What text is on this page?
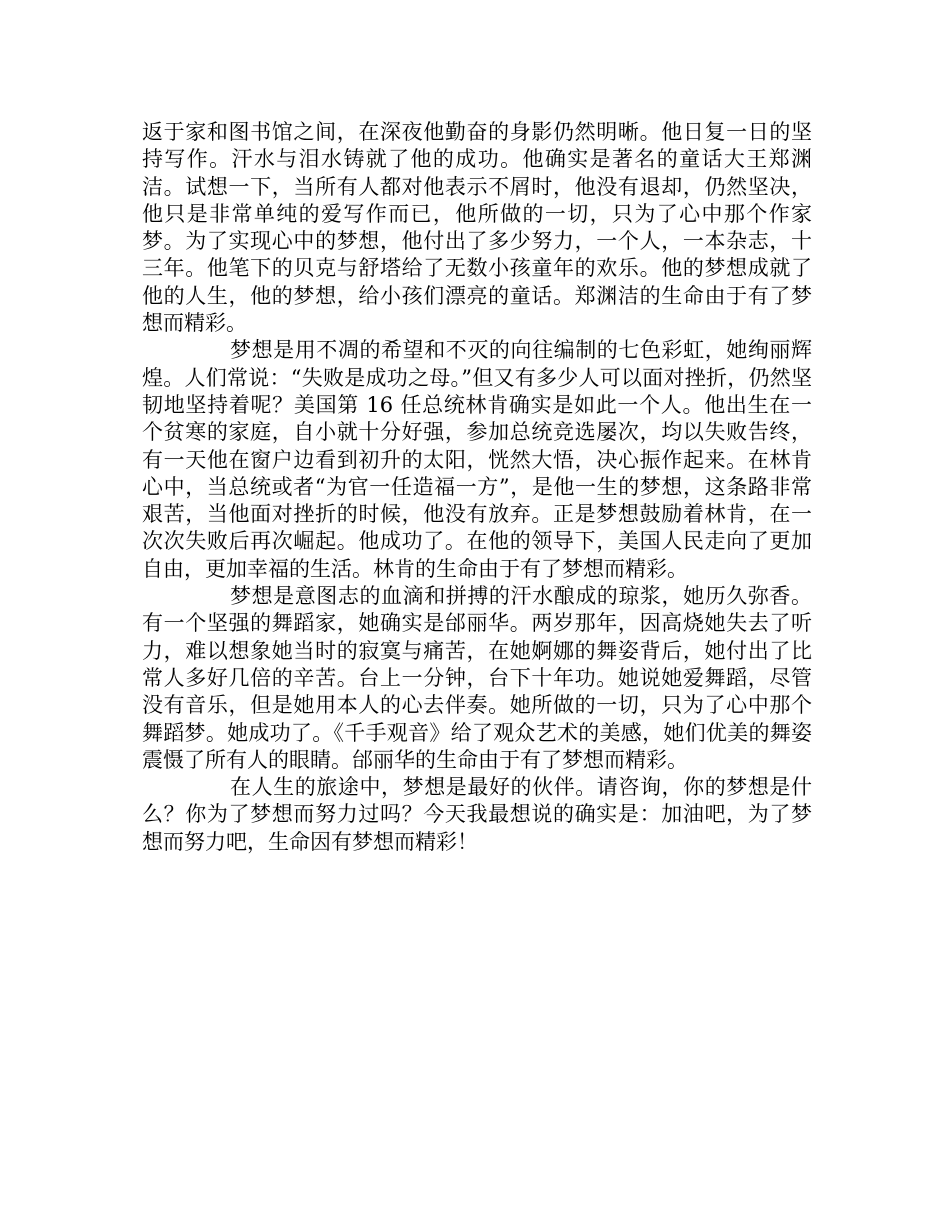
返于家和图书馆之间，在深夜他勤奋的身影仍然明晰。他日复一日的坚持写作。汗水与泪水铸就了他的成功。他确实是著名的童话大王郑渊洁。试想一下，当所有人都对他表示不屑时，他没有退却，仍然坚决，他只是非常单纯的爱写作而已，他所做的一切，只为了心中那个作家梦。为了实现心中的梦想，他付出了多少努力，一个人，一本杂志，十三年。他笔下的贝克与舒塔给了无数小孩童年的欢乐。他的梦想成就了他的人生，他的梦想，给小孩们漂亮的童话。郑渊洁的生命由于有了梦想而精彩。

梦想是用不凋的希望和不灭的向往编制的七色彩虹，她绚丽辉煌。人们常说：“失败是成功之母。”但又有多少人可以面对挫折，仍然坚韧地坚持着呢？美国第 16 任总统林肯确实是如此一个人。他出生在一个贫寒的家庭，自小就十分好强，参加总统竞选屡次，均以失败告终，有一天他在窗户边看到初升的太阳，恍然大悟，决心振作起来。在林肯心中，当总统或者“为官一任造福一方”，是他一生的梦想，这条路非常艰苦，当他面对挫折的时候，他没有放弃。正是梦想鼓励着林肯，在一次次失败后再次崛起。他成功了。在他的领导下，美国人民走向了更加自由，更加幸福的生活。林肯的生命由于有了梦想而精彩。

梦想是意图志的血滴和拼搏的汗水酿成的琼浆，她历久弥香。有一个坚强的舞蹈家，她确实是邰丽华。两岁那年，因高烧她失去了听力，难以想象她当时的寂寞与痛苦，在她婀娜的舞姿背后，她付出了比常人多好几倍的辛苦。台上一分钟，台下十年功。她说她爱舞蹈，尽管没有音乐，但是她用本人的心去伴奏。她所做的一切，只为了心中那个舞蹈梦。她成功了。《千手观音》给了观众艺术的美感，她们优美的舞姿震慑了所有人的眼睛。邰丽华的生命由于有了梦想而精彩。

在人生的旅途中，梦想是最好的伙伴。请咨询，你的梦想是什么？你为了梦想而努力过吗？今天我最想说的确实是：加油吧，为了梦想而努力吧，生命因有梦想而精彩！
